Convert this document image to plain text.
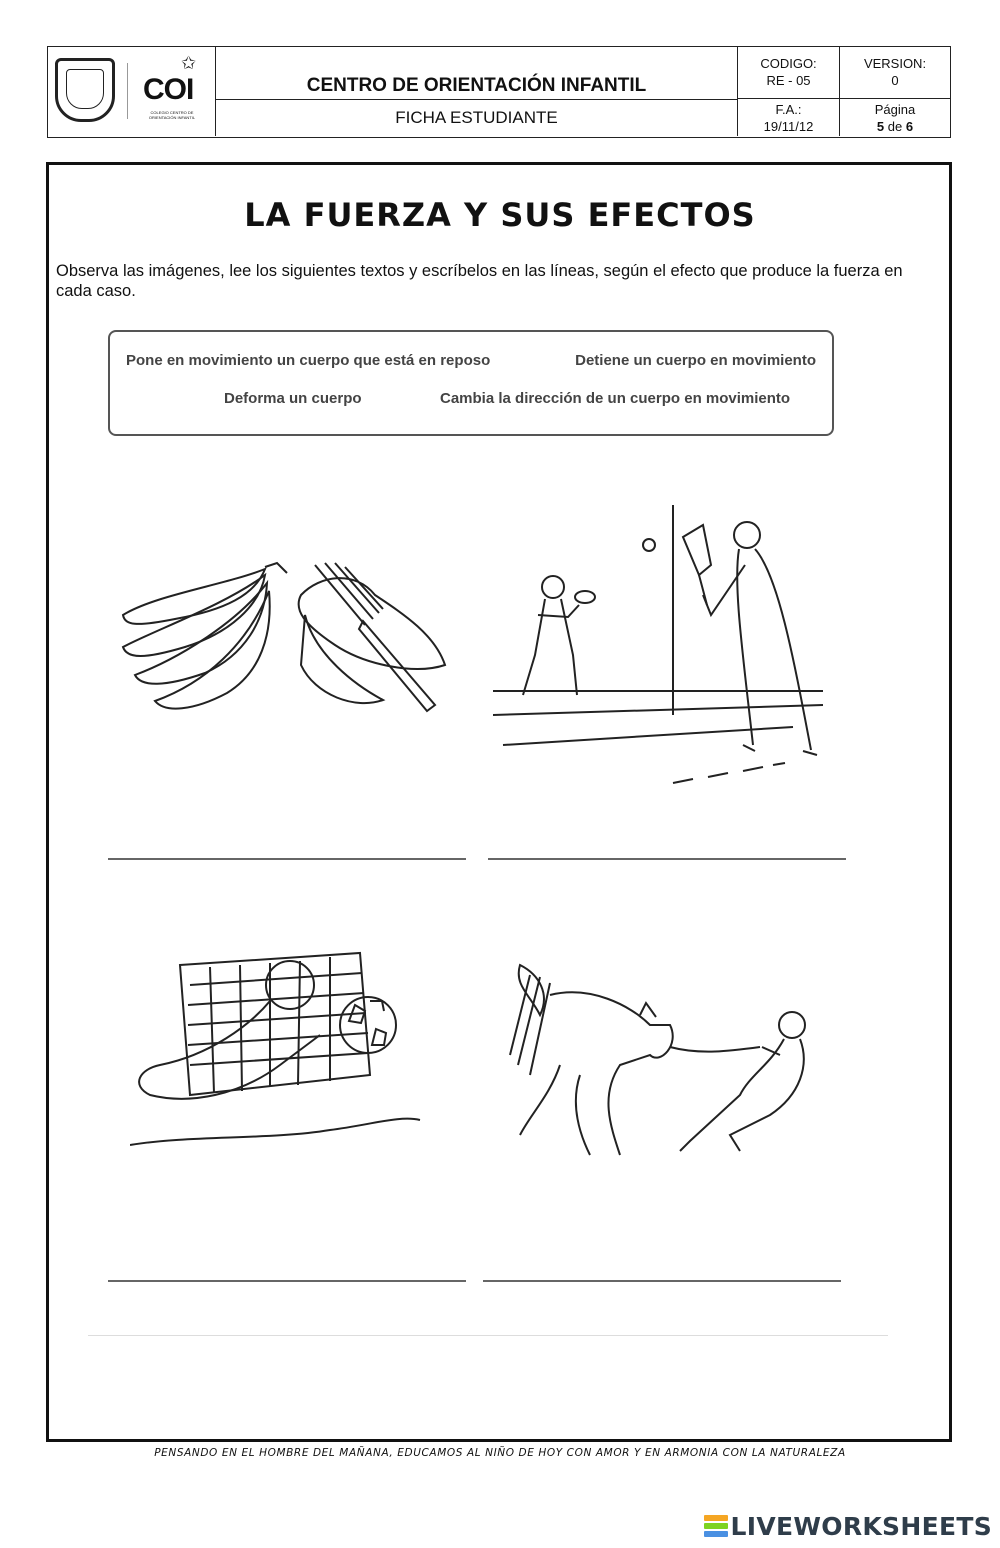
✩
COI
COLEGIO CENTRO DE ORIENTACIÓN INFANTIL
CENTRO DE ORIENTACIÓN INFANTIL
FICHA ESTUDIANTE
CODIGO:
RE - 05
F.A.:
19/11/12
VERSION:
0
Página
5 de 6
LA FUERZA Y SUS EFECTOS
Observa las imágenes, lee los siguientes textos y escríbelos en las líneas, según el efecto que produce la fuerza en cada caso.
Pone en movimiento un cuerpo que está en reposo	Detiene un cuerpo en movimiento
Deforma un cuerpo	Cambia la dirección de un cuerpo en movimiento
PENSANDO EN EL HOMBRE DEL MAÑANA, EDUCAMOS AL NIÑO DE HOY CON AMOR Y EN ARMONIA CON LA NATURALEZA
LIVEWORKSHEETS
